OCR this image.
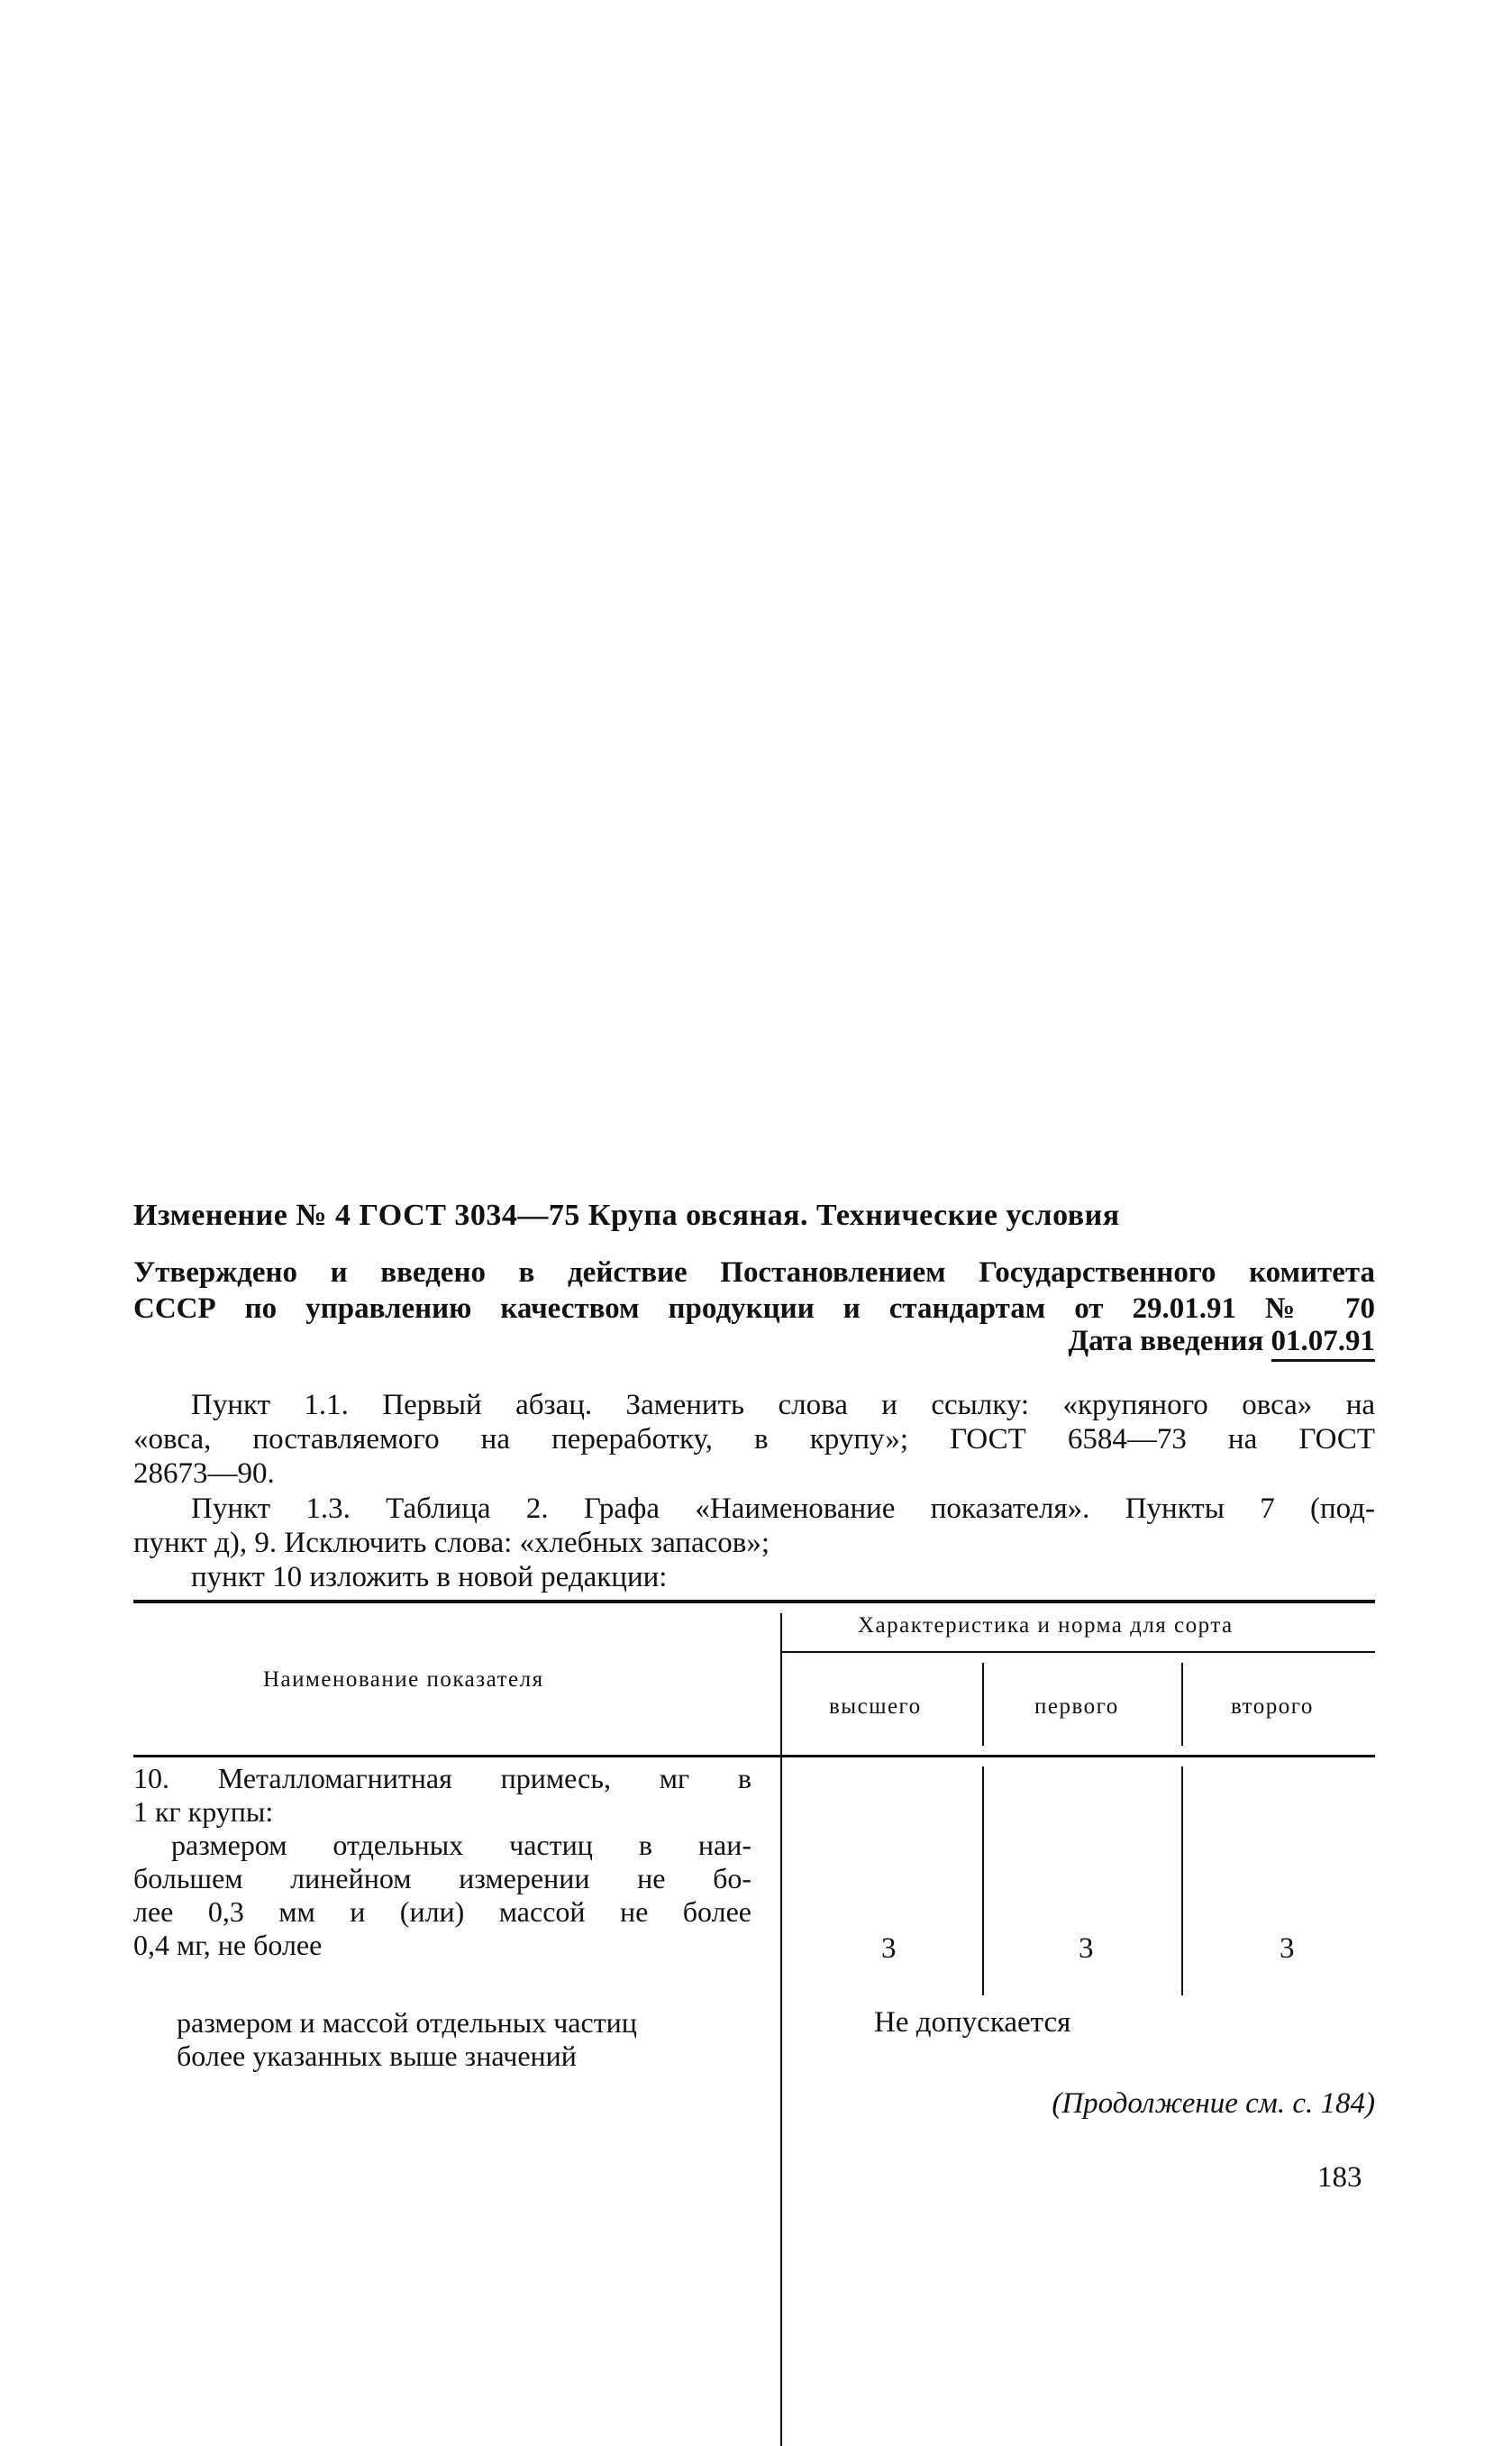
Изменение № 4 ГОСТ 3034—75 Крупа овсяная. Технические условия
Утверждено и введено в действие Постановлением Государственного комитета
СССР по управлению качеством продукции и стандартам от 29.01.91 № 70
Дата введения 01.07.91
Пункт 1.1. Первый абзац. Заменить слова и ссылку: «крупяного овса» на
«овса, поставляемого на переработку, в крупу»; ГОСТ 6584—73 на ГОСТ
28673—90.
Пункт 1.3. Таблица 2. Графа «Наименование показателя». Пункты 7 (под-
пункт д), 9. Исключить слова: «хлебных запасов»;
пункт 10 изложить в новой редакции:
Наименование показателя
Характеристика и норма для сорта
высшего	первого	второго
10. Металломагнитная примесь, мг в
1 кг крупы:
размером отдельных частиц в наи-
большем линейном измерении не бо-
лее 0,3 мм и (или) массой не более
0,4 мг, не более	3	3	3
размером и массой отдельных частиц
более указанных выше значений
Не допускается
(Продолжение см. с. 184)
183
